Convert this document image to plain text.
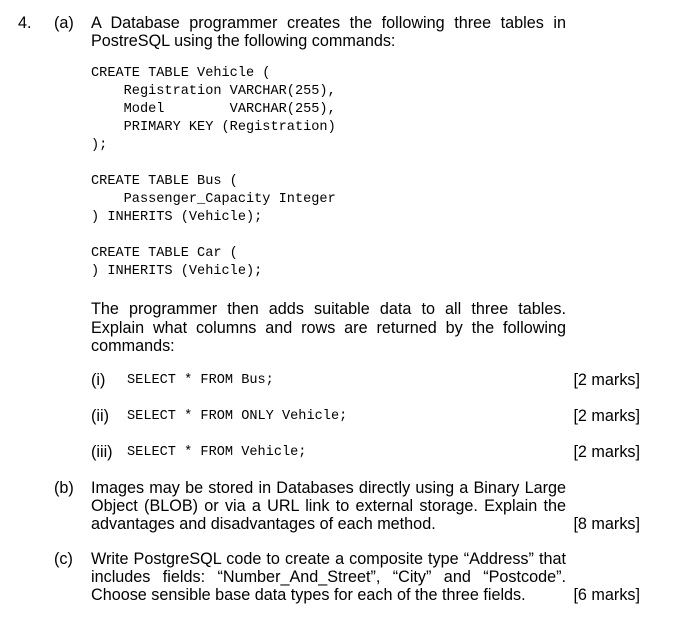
4. (a) A Database programmer creates the following three tables in
PostreSQL using the following commands:
CREATE TABLE Vehicle (
Registration VARCHAR(255),
Model        VARCHAR(255),
PRIMARY KEY (Registration)
);
CREATE TABLE Bus (
Passenger_Capacity Integer
) INHERITS (Vehicle);
CREATE TABLE Car (
) INHERITS (Vehicle);
The programmer then adds suitable data to all three tables.
Explain what columns and rows are returned by the following
commands:
(i) SELECT * FROM Bus;	[2 marks]
(ii) SELECT * FROM ONLY Vehicle;	[2 marks]
(iii) SELECT * FROM Vehicle;	[2 marks]
(b) Images may be stored in Databases directly using a Binary Large
Object (BLOB) or via a URL link to external storage. Explain the
advantages and disadvantages of each method.	[8 marks]
(c) Write PostgreSQL code to create a composite type “Address” that
includes fields: “Number_And_Street”, “City” and “Postcode”.
Choose sensible base data types for each of the three fields.	[6 marks]
